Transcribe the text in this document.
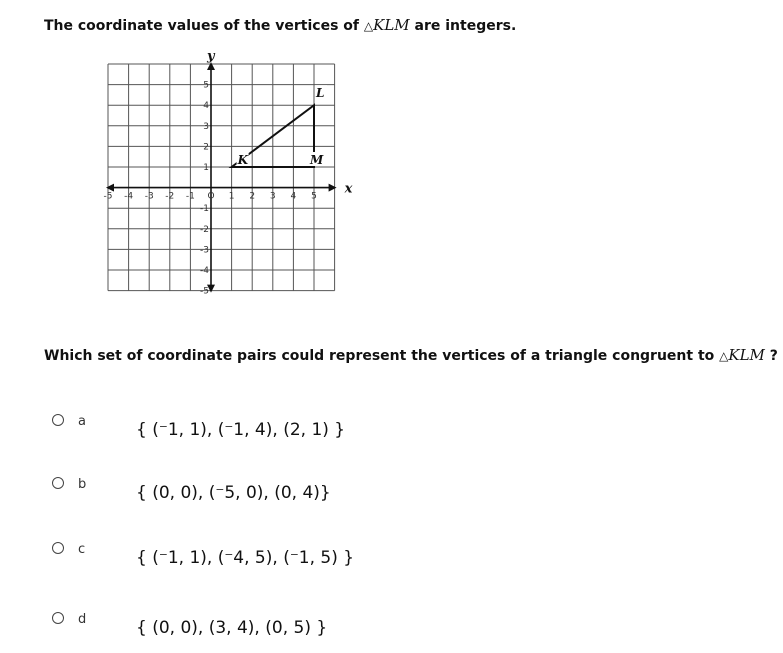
The coordinate values of the vertices of △KLM are integers.
x
y
-5 -4 -3 -2 -1 O 1 2 3 4 5
5
4
3
2
1
-1
-2
-3
-4
-5
K
L
M
Which set of coordinate pairs could represent the vertices of a triangle congruent to △KLM ?
a	{ (⁻1, 1), (⁻1, 4), (2, 1) }
b	{ (0, 0), (⁻5, 0), (0, 4)}
c	{ (⁻1, 1), (⁻4, 5), (⁻1, 5) }
d	{ (0, 0), (3, 4), (0, 5) }
